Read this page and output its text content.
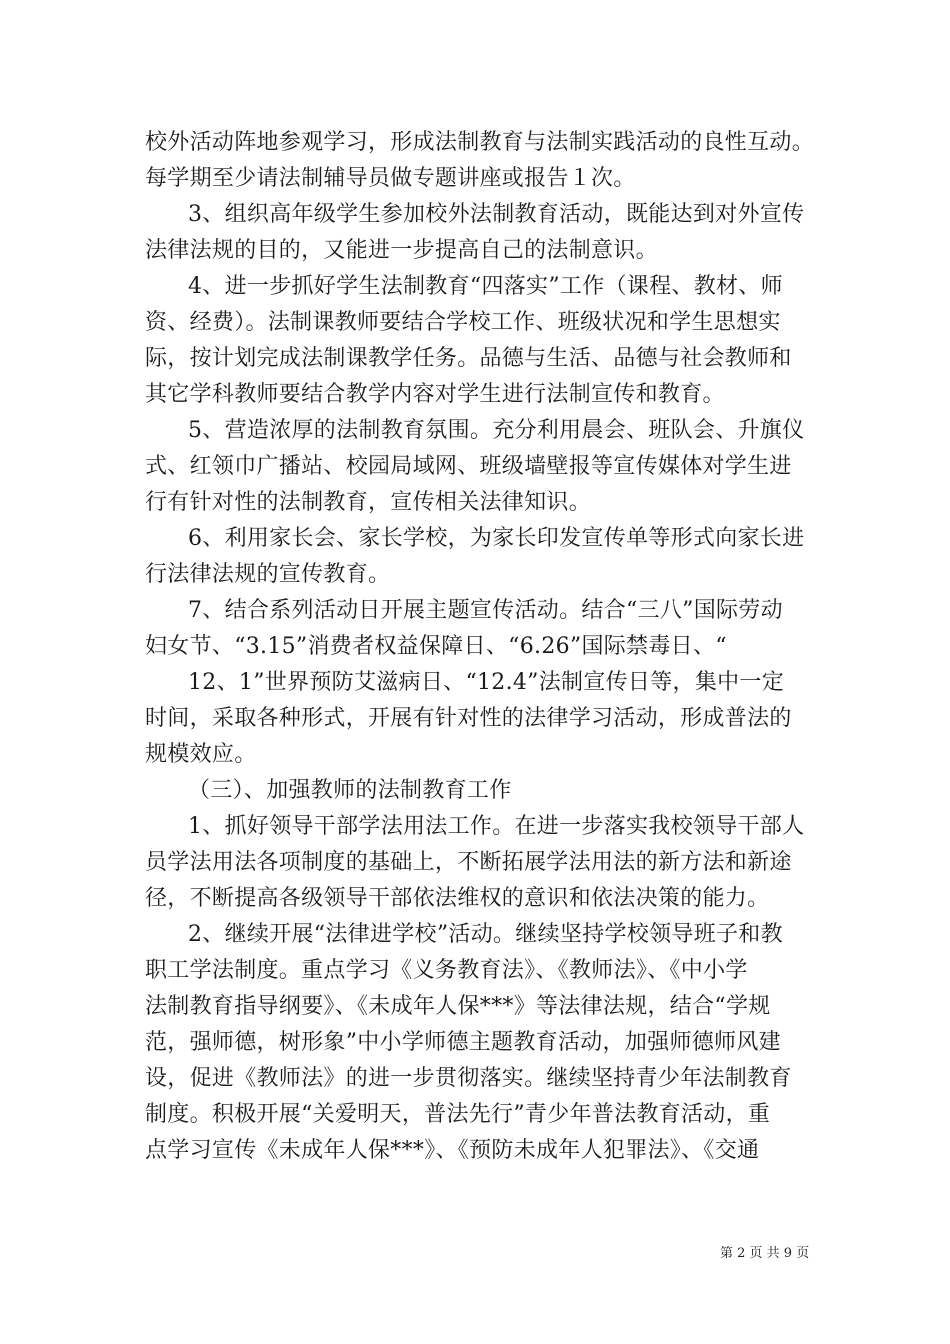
校外活动阵地参观学习，形成法制教育与法制实践活动的良性互动。
每学期至少请法制辅导员做专题讲座或报告１次。
3、组织高年级学生参加校外法制教育活动，既能达到对外宣传
法律法规的目的，又能进一步提高自己的法制意识。
4、进一步抓好学生法制教育“四落实”工作（课程、教材、师
资、经费）。法制课教师要结合学校工作、班级状况和学生思想实
际，按计划完成法制课教学任务。品德与生活、品德与社会教师和
其它学科教师要结合教学内容对学生进行法制宣传和教育。
5、营造浓厚的法制教育氛围。充分利用晨会、班队会、升旗仪
式、红领巾广播站、校园局域网、班级墙壁报等宣传媒体对学生进
行有针对性的法制教育，宣传相关法律知识。
6、利用家长会、家长学校，为家长印发宣传单等形式向家长进
行法律法规的宣传教育。
7、结合系列活动日开展主题宣传活动。结合“三八”国际劳动
妇女节、“3.15”消费者权益保障日、“6.26”国际禁毒日、“
12、1”世界预防艾滋病日、“12.4”法制宣传日等，集中一定
时间，采取各种形式，开展有针对性的法律学习活动，形成普法的
规模效应。
（三）、加强教师的法制教育工作
1、抓好领导干部学法用法工作。在进一步落实我校领导干部人
员学法用法各项制度的基础上，不断拓展学法用法的新方法和新途
径，不断提高各级领导干部依法维权的意识和依法决策的能力。
2、继续开展“法律进学校”活动。继续坚持学校领导班子和教
职工学法制度。重点学习《义务教育法》、《教师法》、《中小学
法制教育指导纲要》、《未成年人保***》等法律法规，结合“学规
范，强师德，树形象”中小学师德主题教育活动，加强师德师风建
设，促进《教师法》的进一步贯彻落实。继续坚持青少年法制教育
制度。积极开展“关爱明天，普法先行”青少年普法教育活动，重
点学习宣传《未成年人保***》、《预防未成年人犯罪法》、《交通
第 2 页 共 9 页
